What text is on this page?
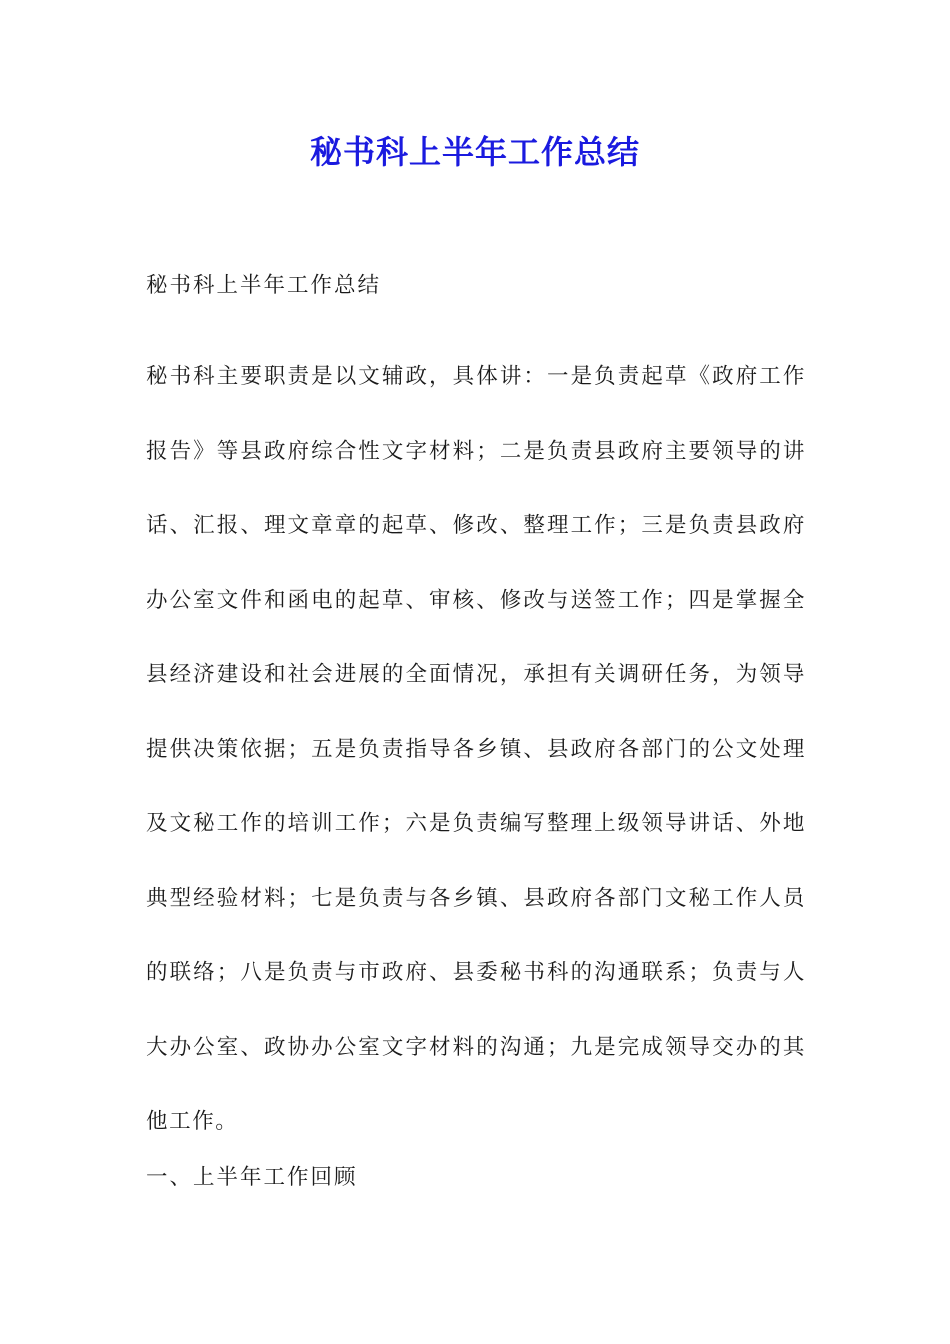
秘书科上半年工作总结

秘书科上半年工作总结

秘书科主要职责是以文辅政，具体讲：一是负责起草《政府工作报告》等县政府综合性文字材料；二是负责县政府主要领导的讲话、汇报、理文章章的起草、修改、整理工作；三是负责县政府办公室文件和函电的起草、审核、修改与送签工作；四是掌握全县经济建设和社会进展的全面情况，承担有关调研任务，为领导提供决策依据；五是负责指导各乡镇、县政府各部门的公文处理及文秘工作的培训工作；六是负责编写整理上级领导讲话、外地典型经验材料；七是负责与各乡镇、县政府各部门文秘工作人员的联络；八是负责与市政府、县委秘书科的沟通联系；负责与人大办公室、政协办公室文字材料的沟通；九是完成领导交办的其他工作。

一、上半年工作回顾
